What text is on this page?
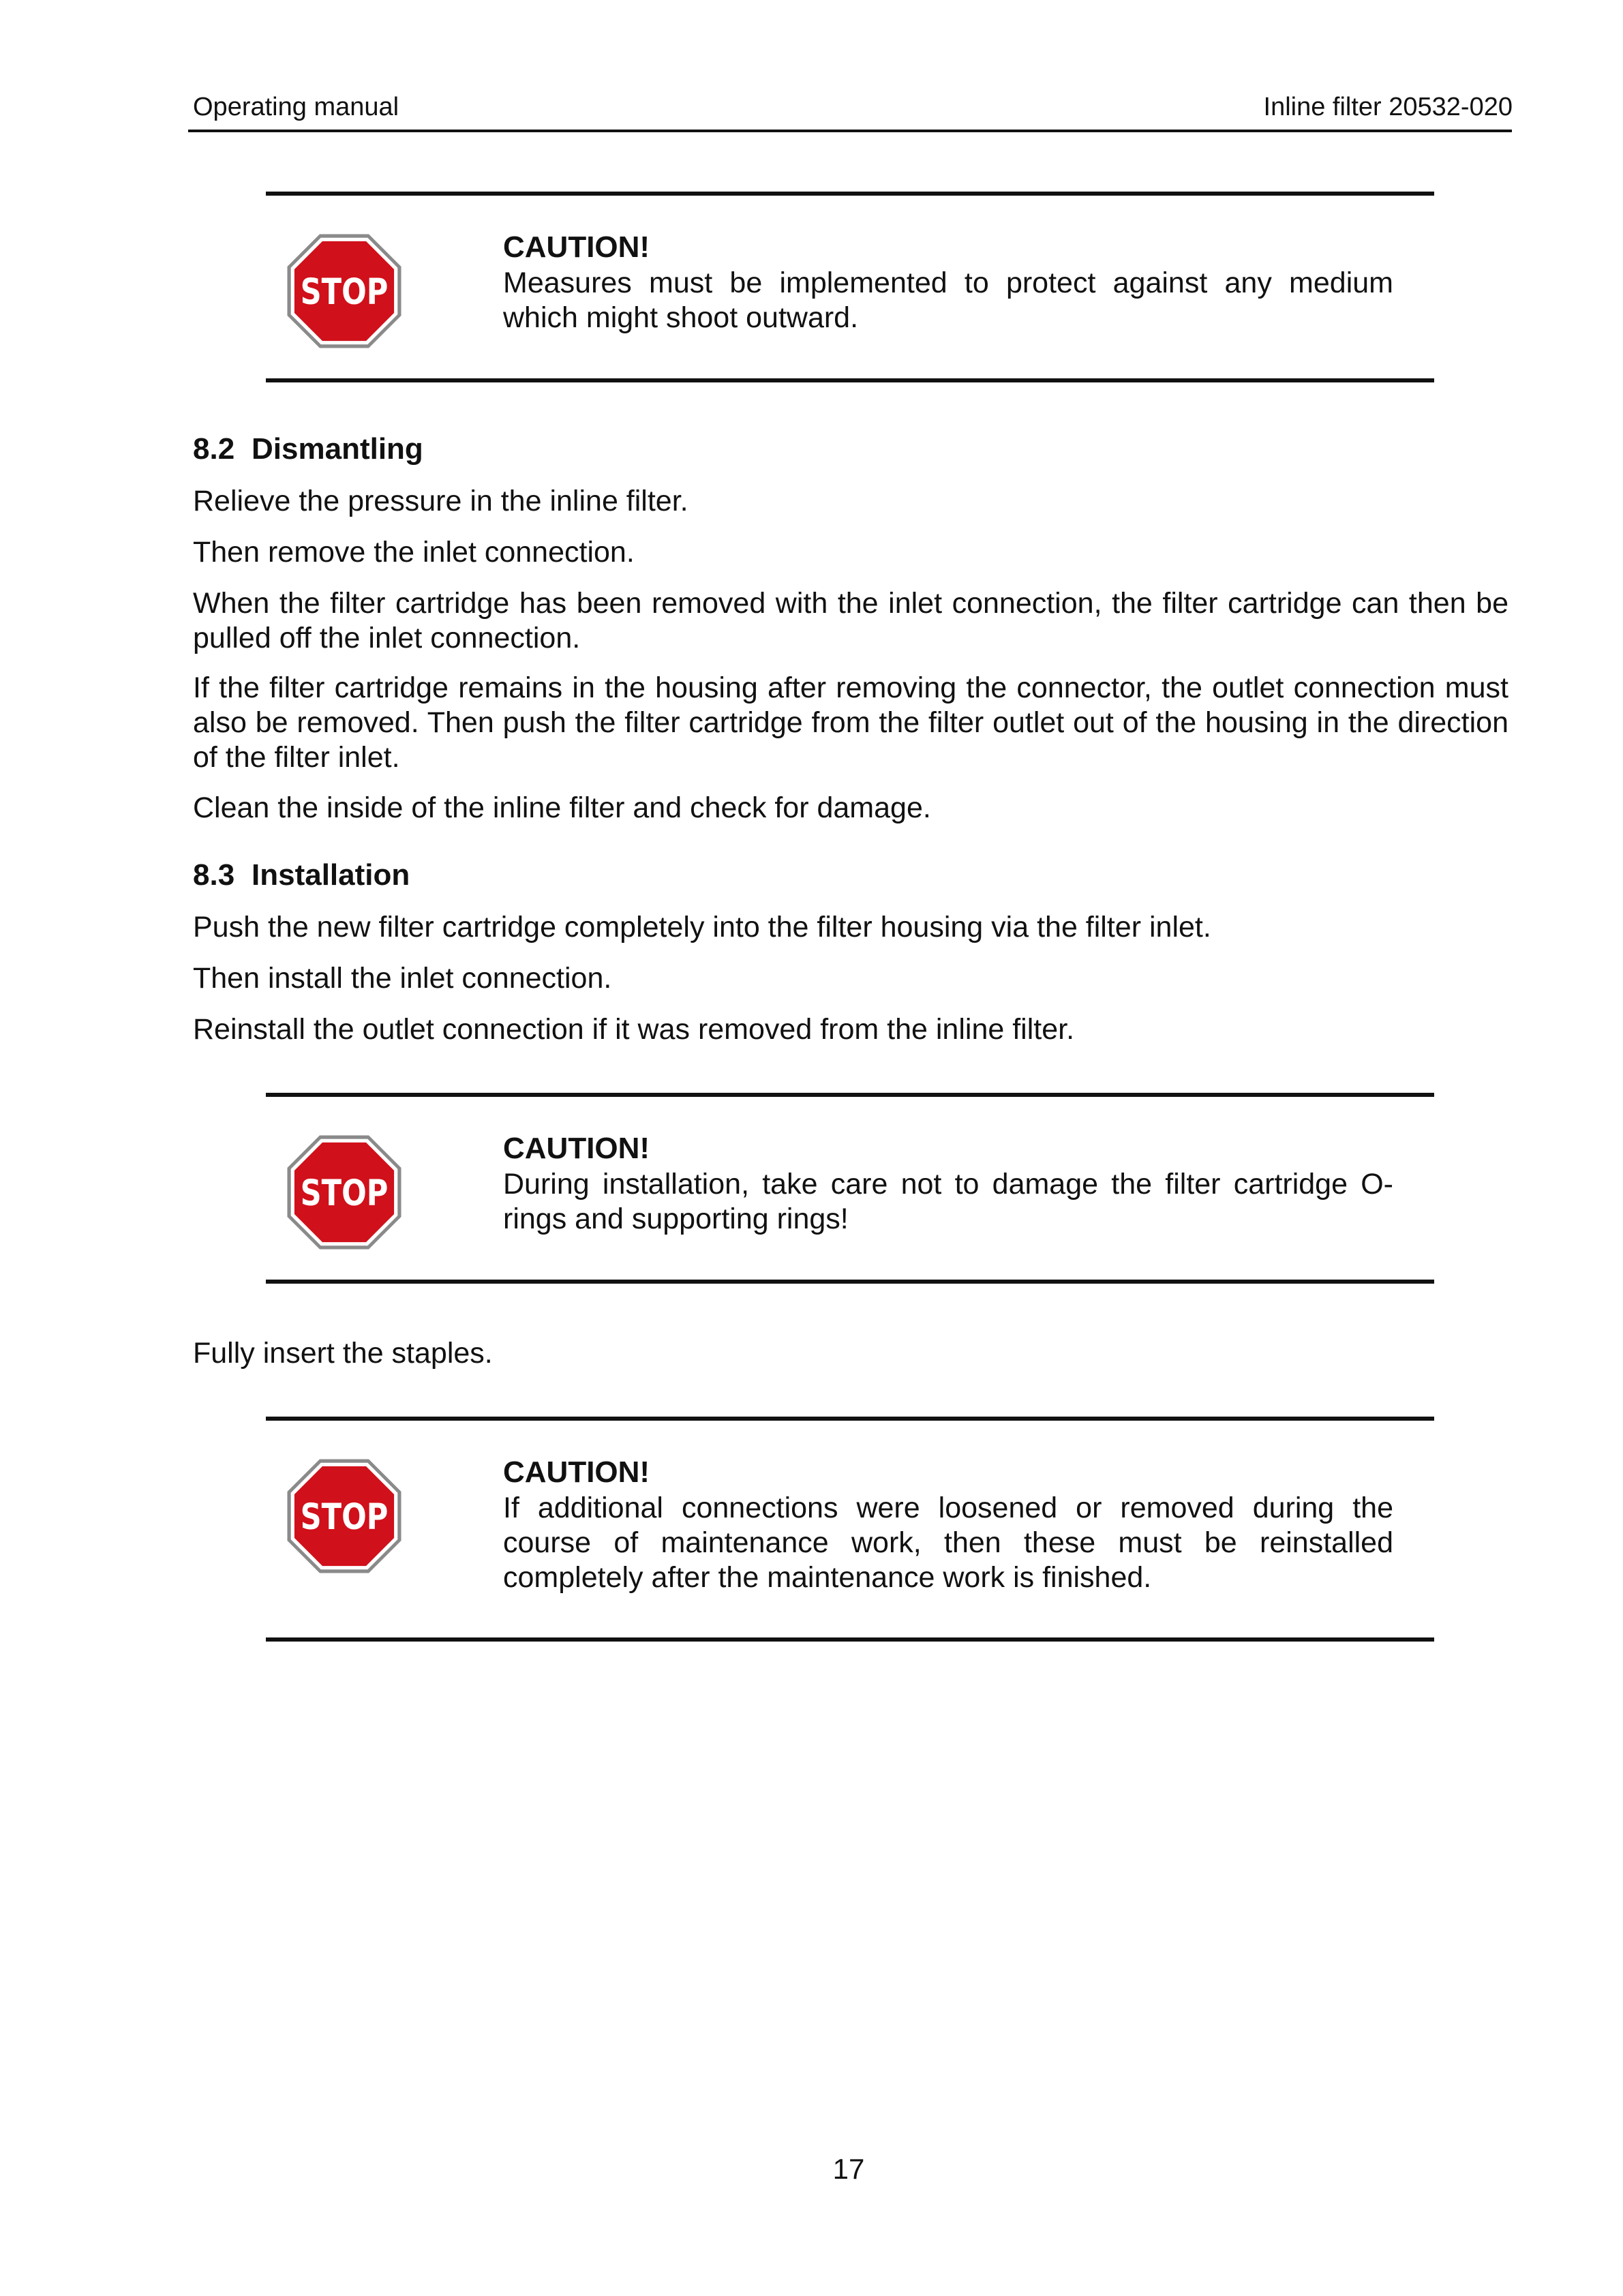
Operating manual	Inline filter 20532-020
STOP
CAUTION!
Measures must be implemented to protect against any medium which might shoot outward.
8.2 Dismantling
Relieve the pressure in the inline filter.
Then remove the inlet connection.
When the filter cartridge has been removed with the inlet connection, the filter cartridge can then be pulled off the inlet connection.
If the filter cartridge remains in the housing after removing the connector, the outlet connection must also be removed. Then push the filter cartridge from the filter outlet out of the housing in the direction of the filter inlet.
Clean the inside of the inline filter and check for damage.
8.3 Installation
Push the new filter cartridge completely into the filter housing via the filter inlet.
Then install the inlet connection.
Reinstall the outlet connection if it was removed from the inline filter.
STOP
CAUTION!
During installation, take care not to damage the filter cartridge O-rings and supporting rings!
Fully insert the staples.
STOP
CAUTION!
If additional connections were loosened or removed during the course of maintenance work, then these must be reinstalled completely after the maintenance work is finished.
17
